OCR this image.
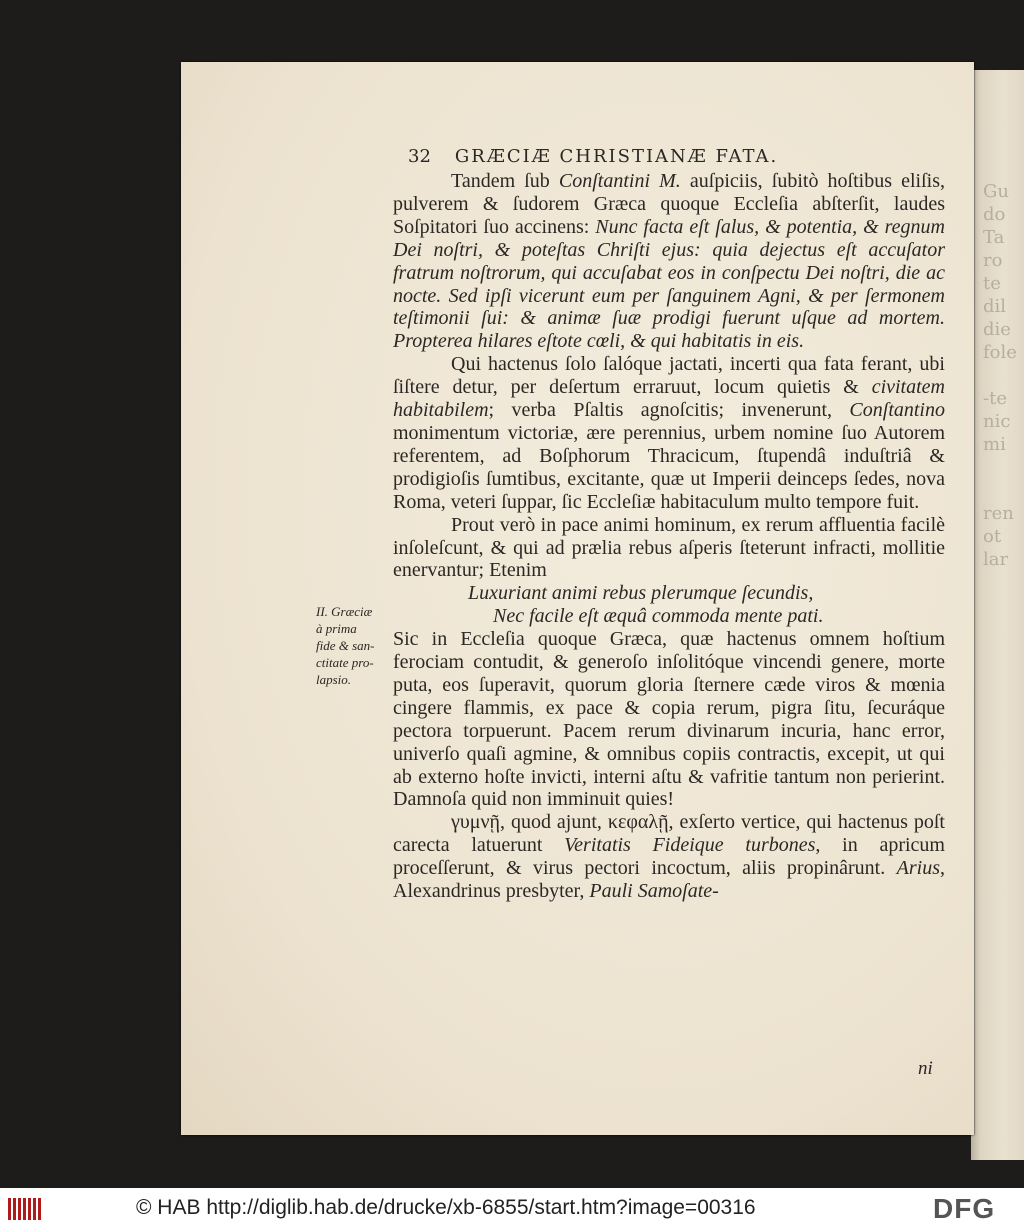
Gu
do
Ta
ro
te
dil
die
fole

-te
nic
mi

ren
ot
lar
32 GRÆCIÆ CHRISTIANÆ FATA.
II. Græciæ
à prima
fide & san-
ctitate pro-
lapsio.

Tandem ſub Conſtantini M. auſpiciis, ſubitò hoſtibus eliſis, pulverem & ſudorem Græca quoque Eccleſia abſterſit, laudes Soſpitatori ſuo accinens: Nunc facta eſt ſalus, & potentia, & regnum Dei noſtri, & poteſtas Chriſti ejus: quia dejectus eſt accuſator fratrum noſtrorum, qui accuſabat eos in conſpectu Dei noſtri, die ac nocte. Sed ipſi vicerunt eum per ſanguinem Agni, & per ſermonem teſtimonii ſui: & animæ ſuæ prodigi fuerunt uſque ad mortem. Propterea hilares eſtote cœli, & qui habitatis in eis.

Qui hactenus ſolo ſalóque jactati, incerti qua fata ferant, ubi ſiſtere detur, per deſertum erraruut, locum quietis & civitatem habitabilem; verba Pſaltis agnoſcitis; invenerunt, Conſtantino monimentum victoriæ, ære perennius, urbem nomine ſuo Autorem referentem, ad Boſphorum Thracicum, ſtupendâ induſtriâ & prodigioſis ſumtibus, excitante, quæ ut Imperii deinceps ſedes, nova Roma, veteri ſuppar, ſic Eccleſiæ habitaculum multo tempore fuit.

Prout verò in pace animi hominum, ex rerum affluentia facilè inſoleſcunt, & qui ad prælia rebus aſperis ſteterunt infracti, mollitie enervantur; Etenim

Luxuriant animi rebus plerumque ſecundis,

Nec facile eſt æquâ commoda mente pati.

Sic in Eccleſia quoque Græca, quæ hactenus omnem hoſtium ferociam contudit, & generoſo inſolitóque vincendi genere, morte puta, eos ſuperavit, quorum gloria ſternere cæde viros & mœnia cingere flammis, ex pace & copia rerum, pigra ſitu, ſecuráque pectora torpuerunt. Pacem rerum divinarum incuria, hanc error, univerſo quaſi agmine, & omnibus copiis contractis, excepit, ut qui ab externo hoſte invicti, interni aſtu & vafritie tantum non perierint. Damnoſa quid non imminuit quies!

γυμνῇ, quod ajunt, κεφαλῇ, exſerto vertice, qui hactenus poſt carecta latuerunt Veritatis Fideique turbones, in apricum proceſſerunt, & virus pectori incoctum, aliis propinârunt. Arius, Alexandrinus presbyter, Pauli Samoſate-

ni
© HAB http://diglib.hab.de/drucke/xb-6855/start.htm?image=00316	DFG
